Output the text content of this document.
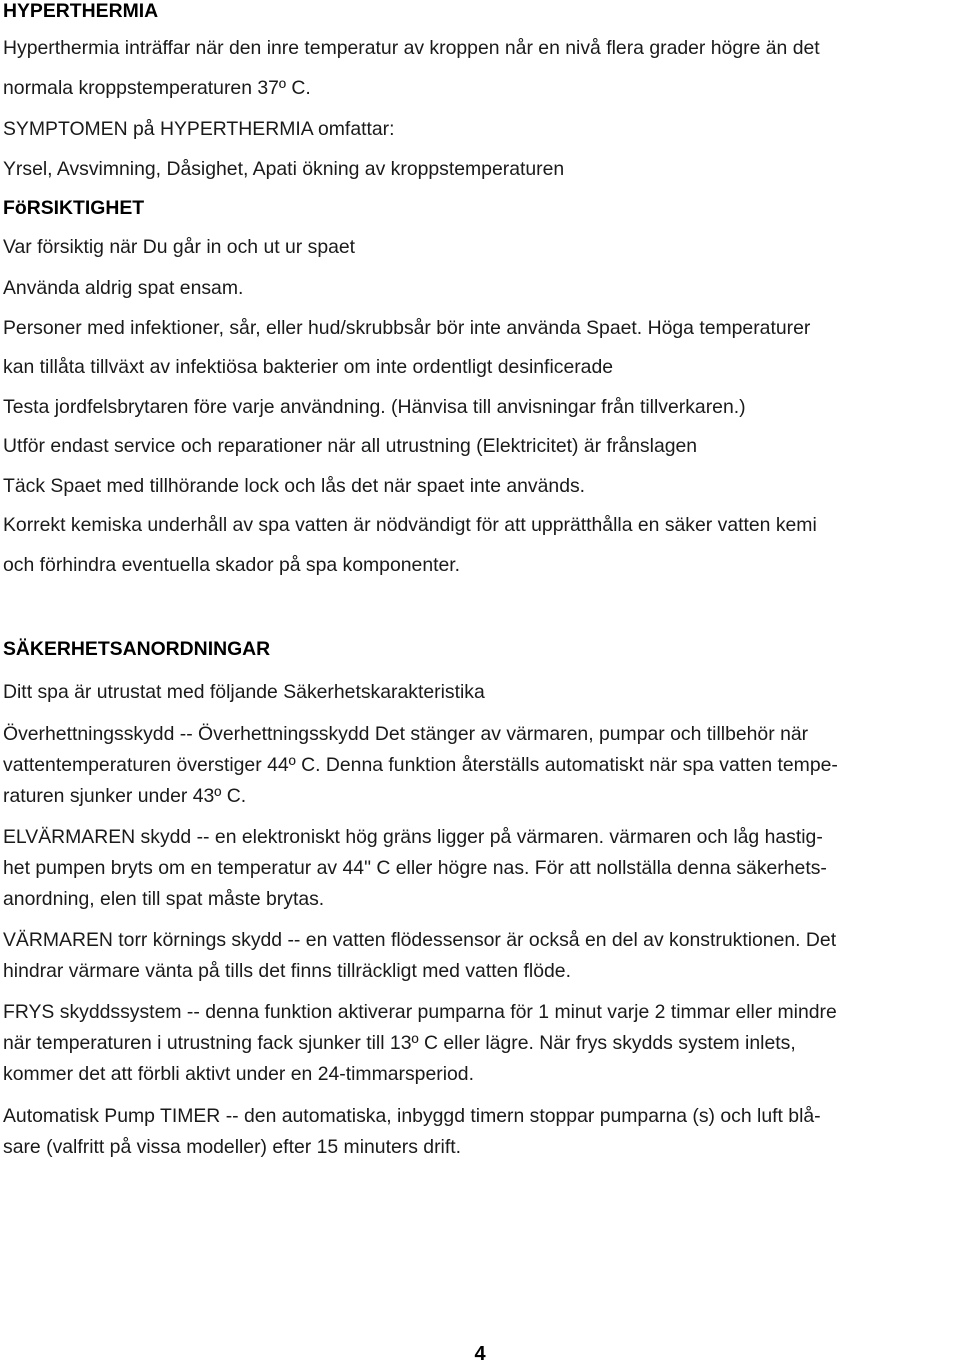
HYPERTHERMIA
Hyperthermia inträffar när den inre temperatur av kroppen når en nivå flera grader högre än det
normala kroppstemperaturen 37º C.
SYMPTOMEN på HYPERTHERMIA omfattar:
Yrsel, Avsvimning, Dåsighet, Apati ökning av kroppstemperaturen
FöRSIKTIGHET
Var försiktig när Du går in och ut ur spaet
Använda aldrig spat ensam.
Personer med infektioner, sår, eller hud/skrubbsår bör inte använda Spaet. Höga temperaturer
kan tillåta tillväxt av infektiösa bakterier om inte ordentligt desinficerade
Testa jordfelsbrytaren före varje användning. (Hänvisa till anvisningar från tillverkaren.)
Utför endast service och reparationer när all utrustning (Elektricitet) är frånslagen
Täck Spaet med tillhörande lock och lås det när spaet inte används.
Korrekt kemiska underhåll av spa vatten är nödvändigt för att upprätthålla en säker vatten kemi
och förhindra eventuella skador på spa komponenter.
SÄKERHETSANORDNINGAR
Ditt spa är utrustat med följande Säkerhetskarakteristika
Överhettningsskydd -- Överhettningsskydd Det stänger av värmaren, pumpar och tillbehör när
vattentemperaturen överstiger 44º C. Denna funktion återställs automatiskt när spa vatten tempe-
raturen sjunker under 43º C.
ELVÄRMAREN skydd -- en elektroniskt hög gräns ligger på värmaren. värmaren och låg hastig-
het pumpen bryts om en temperatur av 44" C eller högre nas. För att nollställa denna säkerhets-
anordning, elen till spat måste brytas.
VÄRMAREN torr körnings skydd -- en vatten flödessensor är också en del av konstruktionen. Det
hindrar värmare vänta på tills det finns tillräckligt med vatten flöde.
FRYS skyddssystem -- denna funktion aktiverar pumparna för 1 minut varje 2 timmar eller mindre
när temperaturen i utrustning fack sjunker till 13º C eller lägre. När frys skydds system inlets,
kommer det att förbli aktivt under en 24-timmarsperiod.
Automatisk Pump TIMER -- den automatiska, inbyggd timern stoppar pumparna (s) och luft blå-
sare (valfritt på vissa modeller) efter 15 minuters drift.
4
